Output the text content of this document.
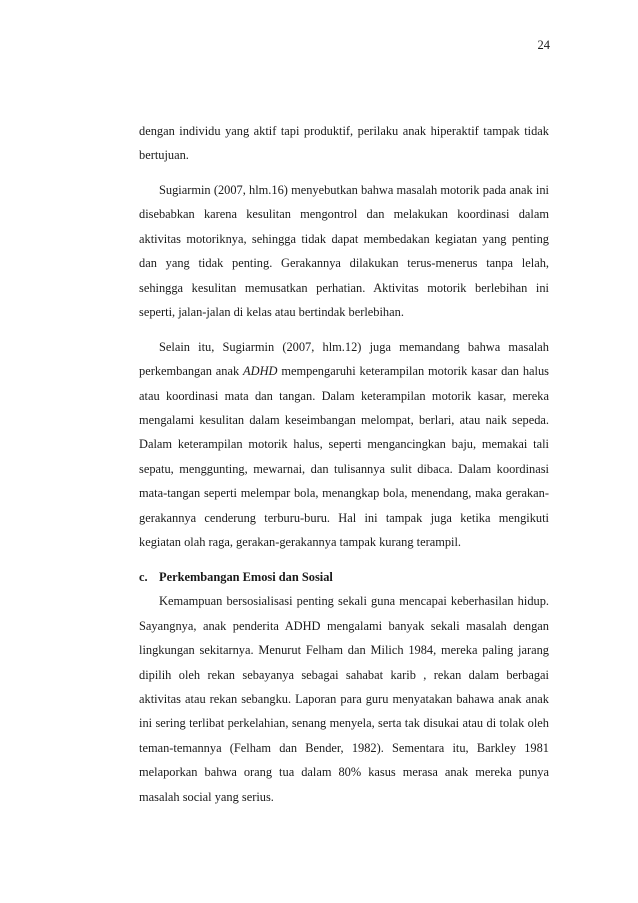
24

dengan individu yang aktif tapi produktif, perilaku anak hiperaktif tampak tidak bertujuan.

Sugiarmin (2007, hlm.16) menyebutkan bahwa masalah motorik pada anak ini disebabkan karena kesulitan mengontrol dan melakukan koordinasi dalam aktivitas motoriknya, sehingga tidak dapat membedakan kegiatan yang penting dan yang tidak penting. Gerakannya dilakukan terus-menerus tanpa lelah, sehingga kesulitan memusatkan perhatian. Aktivitas motorik berlebihan ini seperti, jalan-jalan di kelas atau bertindak berlebihan.

Selain itu, Sugiarmin (2007, hlm.12) juga memandang bahwa masalah perkembangan anak ADHD mempengaruhi keterampilan motorik kasar dan halus atau koordinasi mata dan tangan. Dalam keterampilan motorik kasar, mereka mengalami kesulitan dalam keseimbangan melompat, berlari, atau naik sepeda. Dalam keterampilan motorik halus, seperti mengancingkan baju, memakai tali sepatu, menggunting, mewarnai, dan tulisannya sulit dibaca. Dalam koordinasi mata-tangan seperti melempar bola, menangkap bola, menendang, maka gerakan-gerakannya cenderung terburu-buru. Hal ini tampak juga ketika mengikuti kegiatan olah raga, gerakan-gerakannya tampak kurang terampil.

c. Perkembangan Emosi dan Sosial

Kemampuan bersosialisasi penting sekali guna mencapai keberhasilan hidup. Sayangnya, anak penderita ADHD mengalami banyak sekali masalah dengan lingkungan sekitarnya. Menurut Felham dan Milich 1984, mereka paling jarang dipilih oleh rekan sebayanya sebagai sahabat karib , rekan dalam berbagai aktivitas atau rekan sebangku. Laporan para guru menyatakan bahawa anak anak ini sering terlibat perkelahian, senang menyela, serta tak disukai atau di tolak oleh teman-temannya (Felham dan Bender, 1982). Sementara itu, Barkley 1981 melaporkan bahwa orang tua dalam 80% kasus merasa anak mereka punya masalah social yang serius.
